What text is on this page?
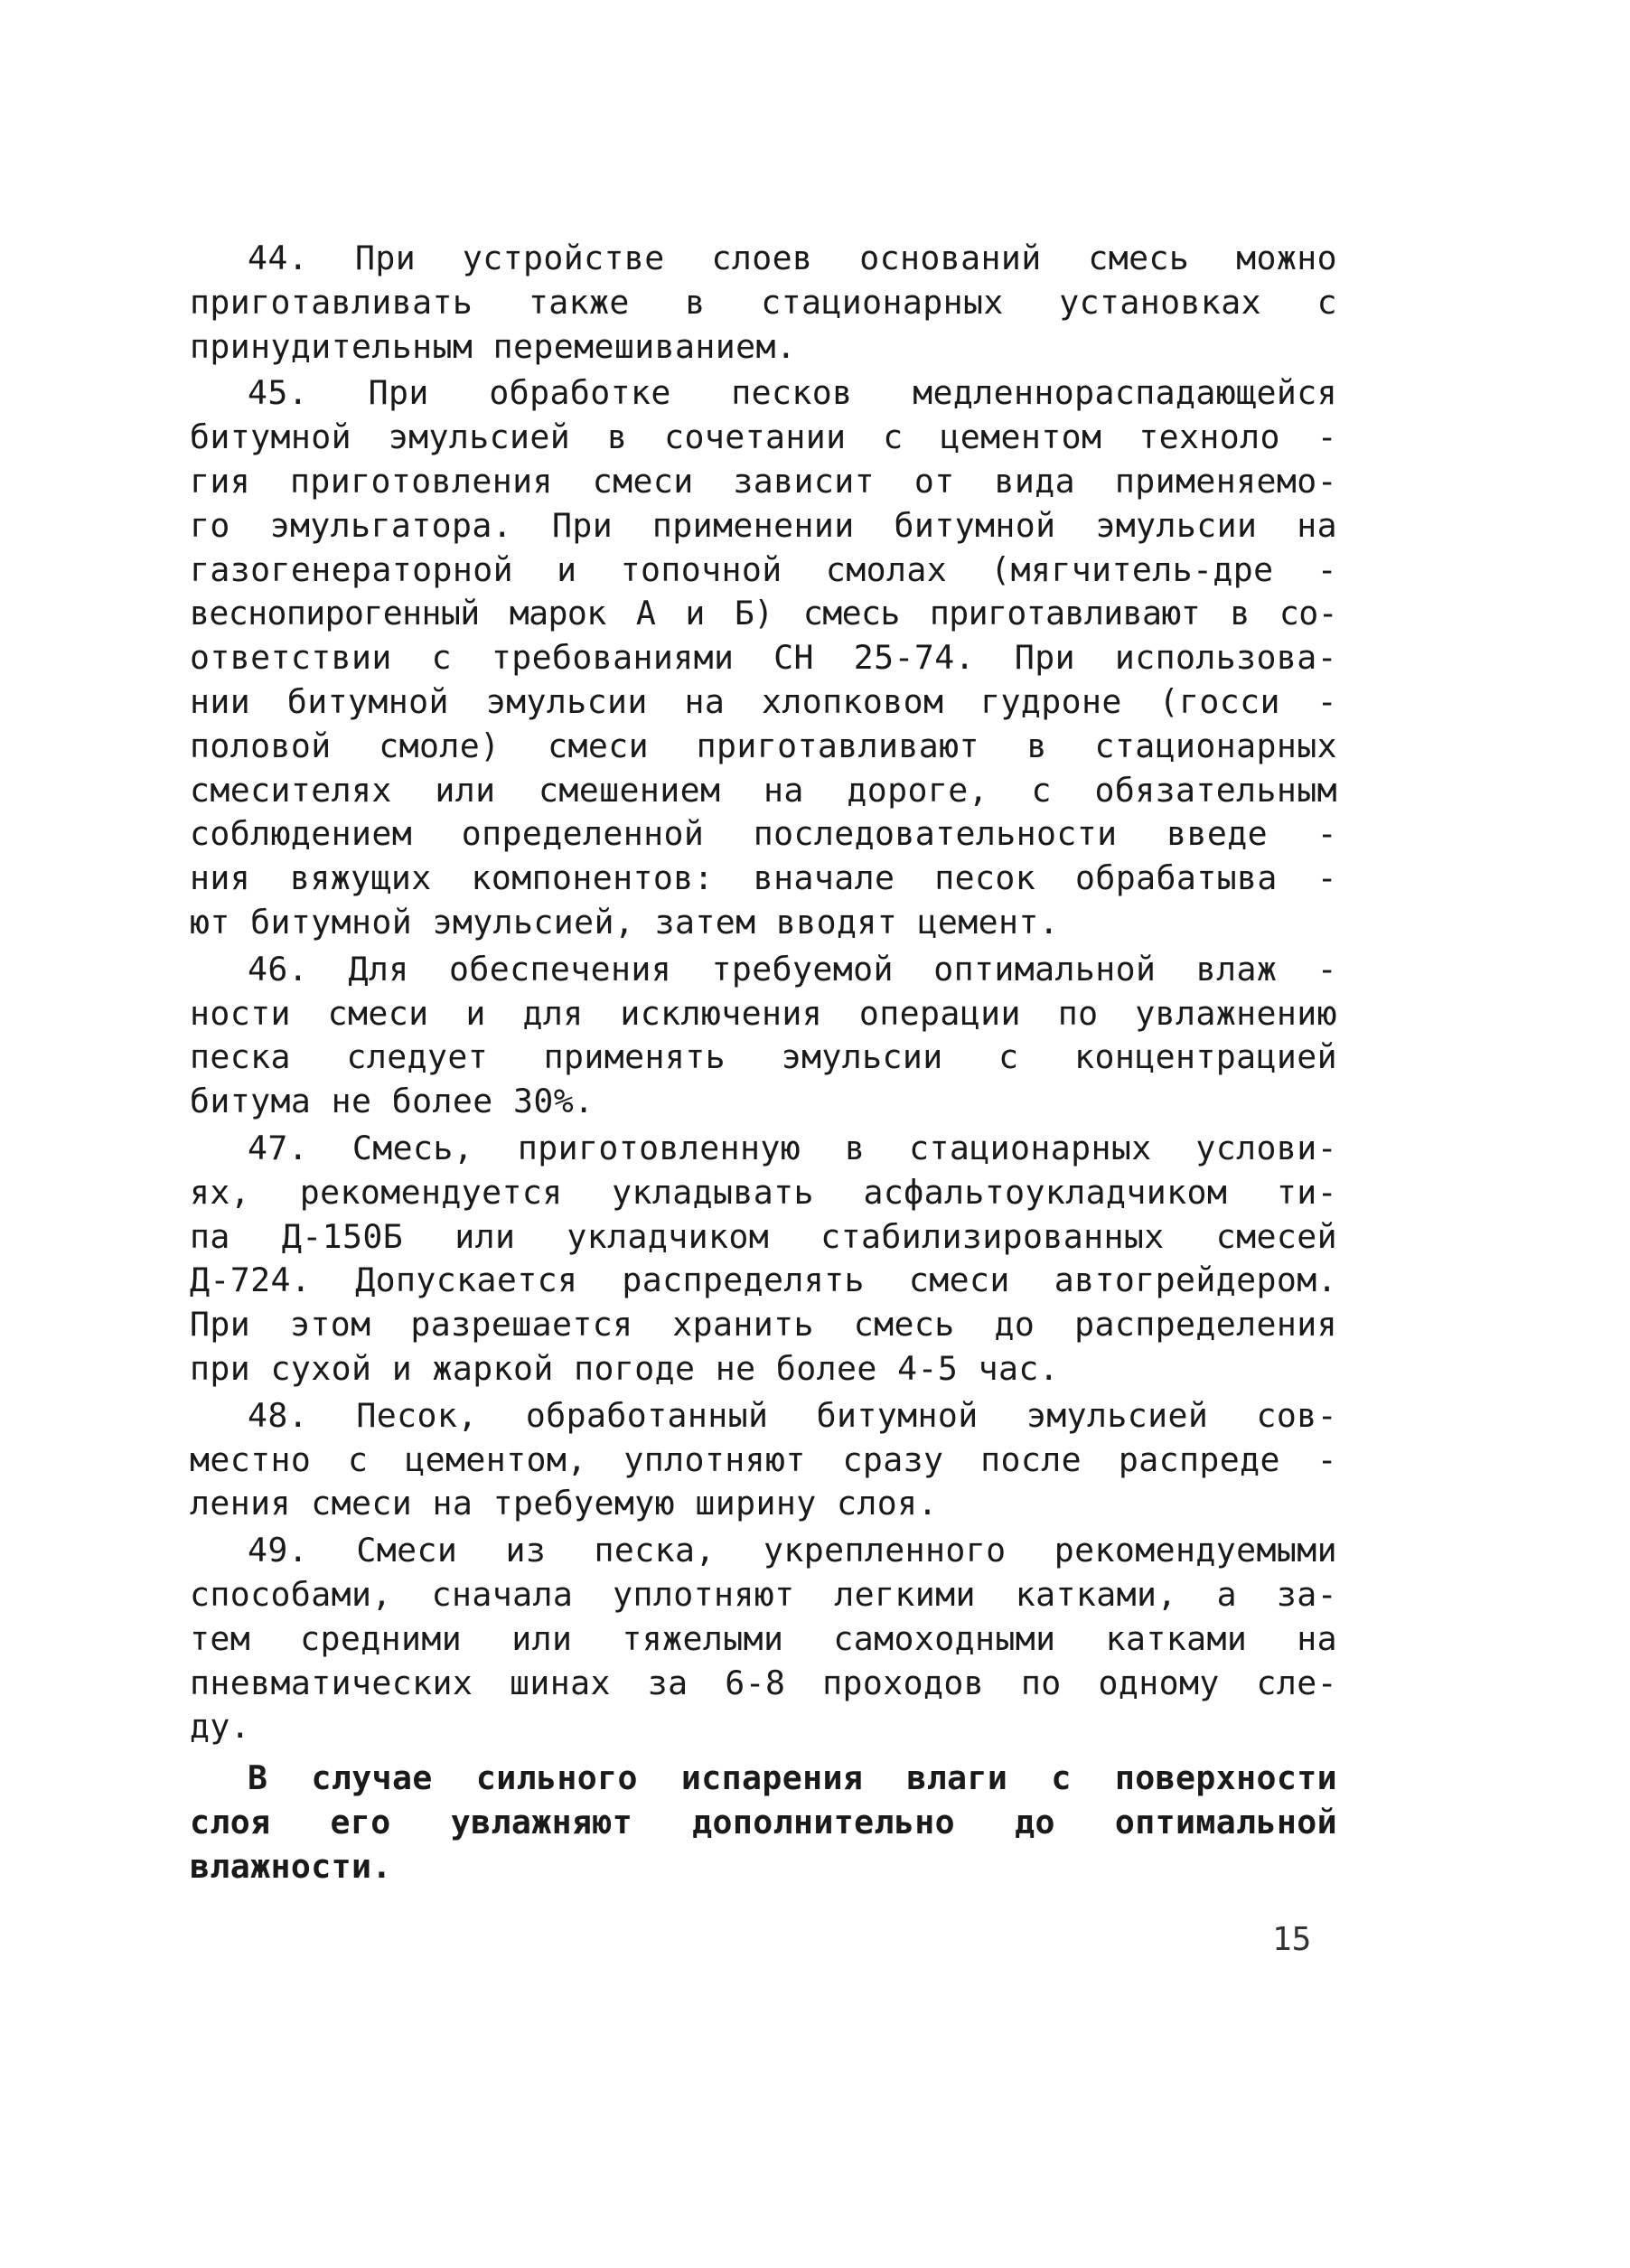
44. При устройстве слоев оснований смесь можно
приготавливать также в стационарных установках с
принудительным перемешиванием.
45. При обработке песков медленнораспадающейся
битумной эмульсией в сочетании с цементом техноло -
гия приготовления смеси зависит от вида применяемо-
го эмульгатора. При применении битумной эмульсии на
газогенераторной и топочной смолах (мягчитель-дре -
веснопирогенный марок А и Б) смесь приготавливают в со-
ответствии с требованиями СН 25-74. При использова-
нии битумной эмульсии на хлопковом гудроне (госси -
половой смоле) смеси приготавливают в стационарных
смесителях или смешением на дороге, с обязательным
соблюдением определенной последовательности введе -
ния вяжущих компонентов: вначале песок обрабатыва -
ют битумной эмульсией, затем вводят цемент.
46. Для обеспечения требуемой оптимальной влаж -
ности смеси и для исключения операции по увлажнению
песка следует применять эмульсии с концентрацией
битума не более 30%.
47. Смесь, приготовленную в стационарных услови-
ях, рекомендуется укладывать асфальтоукладчиком ти-
па Д-150Б или укладчиком стабилизированных смесей
Д-724. Допускается распределять смеси автогрейдером.
При этом разрешается хранить смесь до распределения
при сухой и жаркой погоде не более 4-5 час.
48. Песок, обработанный битумной эмульсией сов-
местно с цементом, уплотняют сразу после распреде -
ления смеси на требуемую ширину слоя.
49. Смеси из песка, укрепленного рекомендуемыми
способами, сначала уплотняют легкими катками, а за-
тем средними или тяжелыми самоходными катками на
пневматических шинах за 6-8 проходов по одному сле-
ду.
В случае сильного испарения влаги с поверхности
слоя его увлажняют дополнительно до оптимальной
влажности.
15
